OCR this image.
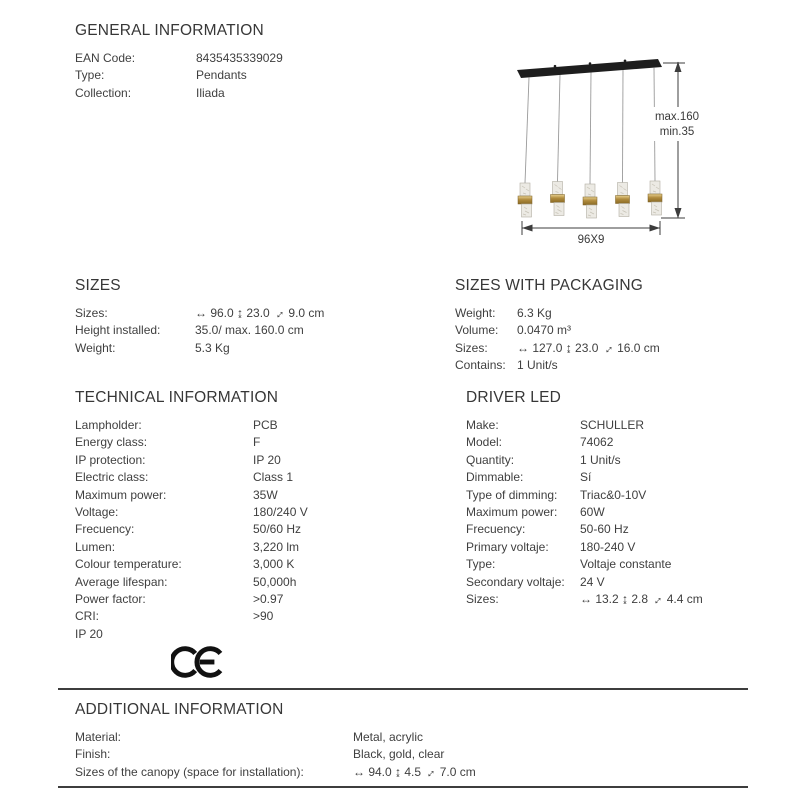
GENERAL INFORMATION
EAN Code:	8435435339029
Type:	Pendants
Collection:	Iliada
max.160
min.35
96X9
SIZES
Sizes:	↔ 96.0 ↨ 23.0 ↔ 9.0 cm
Height installed:	35.0/ max. 160.0 cm
Weight:	5.3 Kg
SIZES WITH PACKAGING
Weight:	6.3 Kg
Volume:	0.0470 m³
Sizes:	↔ 127.0 ↨ 23.0 ↔ 16.0 cm
Contains: 1 Unit/s
TECHNICAL INFORMATION
Lampholder:	PCB
Energy class:	F
IP protection:	IP 20
Electric class:	Class 1
Maximum power:	35W
Voltage:	180/240 V
Frecuency:	50/60 Hz
Lumen:	3,220 lm
Colour temperature:	3,000 K
Average lifespan:	50,000h
Power factor:	>0.97
CRI:	>90
IP 20
DRIVER LED
Make:	SCHULLER
Model:	74062
Quantity:	1 Unit/s
Dimmable:	Sí
Type of dimming:	Triac&0-10V
Maximum power:	60W
Frecuency:	50-60 Hz
Primary voltaje:	180-240 V
Type:	Voltaje constante
Secondary voltaje:	24 V
Sizes:	↔ 13.2 ↨ 2.8 ↔ 4.4 cm
ADDITIONAL INFORMATION
Material:	Metal, acrylic
Finish:	Black, gold, clear
Sizes of the canopy (space for installation):	↔ 94.0 ↨ 4.5 ↔ 7.0 cm
